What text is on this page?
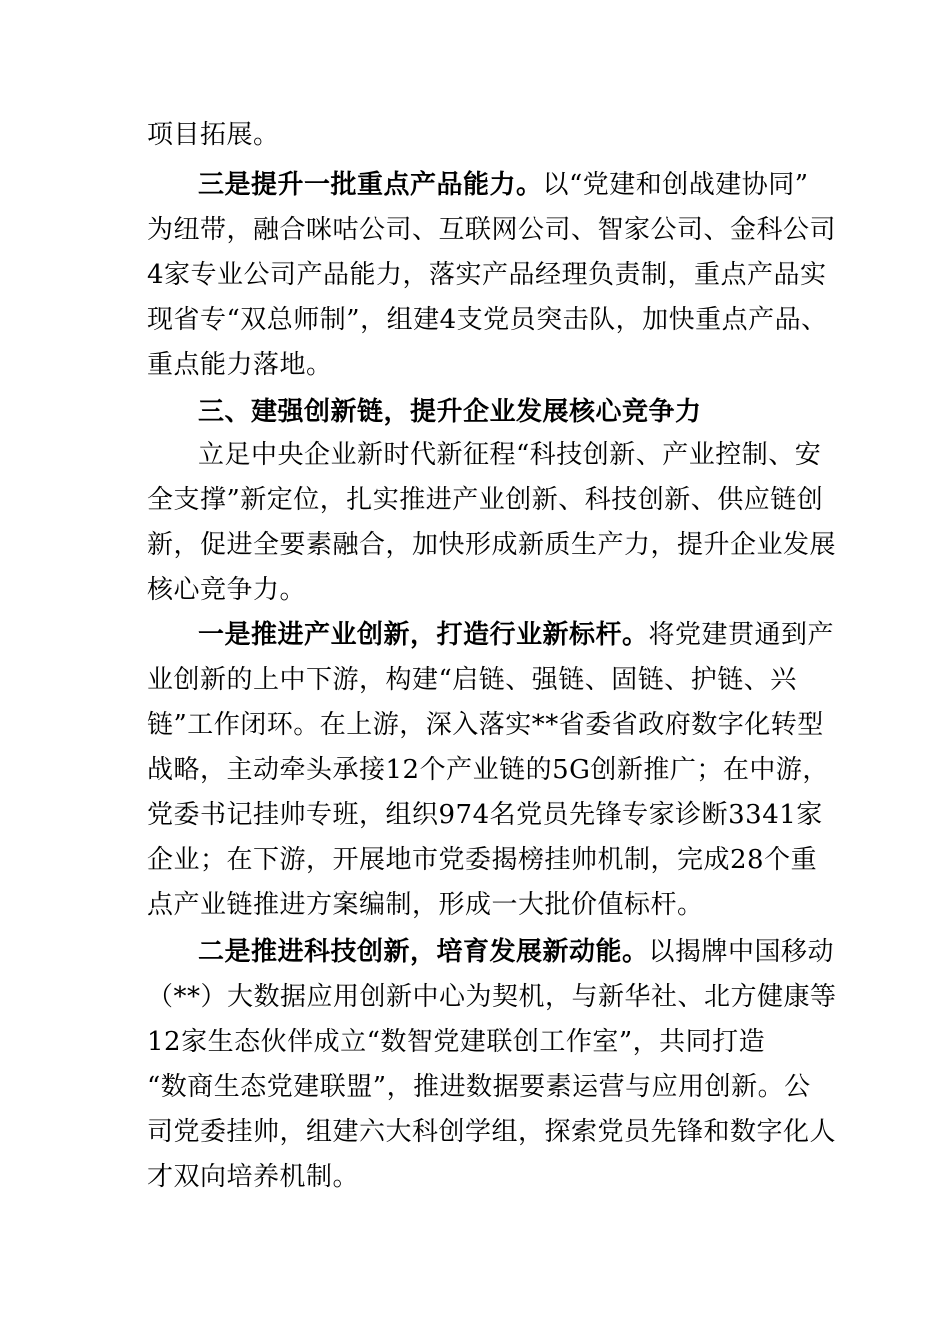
项目拓展。
三是提升一批重点产品能力。以“党建和创战建协同”
为纽带，融合咪咕公司、互联网公司、智家公司、金科公司
4家专业公司产品能力，落实产品经理负责制，重点产品实
现省专“双总师制”，组建4支党员突击队，加快重点产品、
重点能力落地。
三、建强创新链，提升企业发展核心竞争力
立足中央企业新时代新征程“科技创新、产业控制、安
全支撑”新定位，扎实推进产业创新、科技创新、供应链创
新，促进全要素融合，加快形成新质生产力，提升企业发展
核心竞争力。
一是推进产业创新，打造行业新标杆。将党建贯通到产
业创新的上中下游，构建“启链、强链、固链、护链、兴
链”工作闭环。在上游，深入落实**省委省政府数字化转型
战略，主动牵头承接12个产业链的5G创新推广；在中游，
党委书记挂帅专班，组织974名党员先锋专家诊断3341家
企业；在下游，开展地市党委揭榜挂帅机制，完成28个重
点产业链推进方案编制，形成一大批价值标杆。
二是推进科技创新，培育发展新动能。以揭牌中国移动
（**）大数据应用创新中心为契机，与新华社、北方健康等
12家生态伙伴成立“数智党建联创工作室”，共同打造
“数商生态党建联盟”，推进数据要素运营与应用创新。公
司党委挂帅，组建六大科创学组，探索党员先锋和数字化人
才双向培养机制。
